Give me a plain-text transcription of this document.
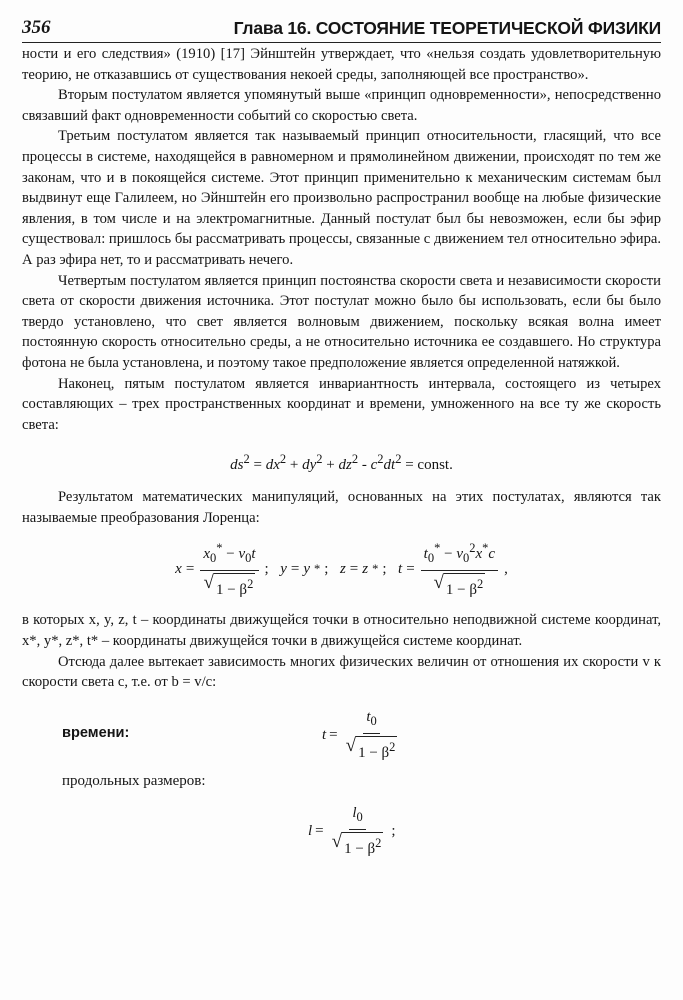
356	Глава 16. СОСТОЯНИЕ ТЕОРЕТИЧЕСКОЙ ФИЗИКИ

ности и его следствия» (1910) [17] Эйнштейн утверждает, что «нельзя создать удовлетворительную теорию, не отказавшись от существования некоей среды, заполняющей все пространство».

Вторым постулатом является упомянутый выше «принцип одновременности», непосредственно связавший факт одновременности событий со скоростью света.

Третьим постулатом является так называемый принцип относительности, гласящий, что все процессы в системе, находящейся в равномерном и прямолинейном движении, происходят по тем же законам, что и в покоящейся системе. Этот принцип применительно к механическим системам был выдвинут еще Галилеем, но Эйнштейн его произвольно распространил вообще на любые физические явления, в том числе и на электромагнитные. Данный постулат был бы невозможен, если бы эфир существовал: пришлось бы рассматривать процессы, связанные с движением тел относительно эфира. А раз эфира нет, то и рассматривать нечего.

Четвертым постулатом является принцип постоянства скорости света и независимости скорости света от скорости движения источника. Этот постулат можно было бы использовать, если бы было твердо установлено, что свет является волновым движением, поскольку всякая волна имеет постоянную скорость относительно среды, а не относительно источника ее создавшего. Но структура фотона не была установлена, и поэтому такое предположение является определенной натяжкой.

Наконец, пятым постулатом является инвариантность интервала, состоящего из четырех составляющих – трех пространственных координат и времени, умноженного на все ту же скорость света:

$ds^2 = dx^2 + dy^2 + dz^2 - c^2dt^2$ = const.

Результатом математических манипуляций, основанных на этих постулатах, являются так называемые преобразования Лоренца:

$x = \frac{x_0^* - v_0t}{√ 1 - \beta^2}$ ; y = y * ; z = z * ; $t = \frac{t_0^* - v_0^2x^*c}{√ 1 - \beta^2}$ ,

в которых x, y, z, t – координаты движущейся точки в относительно неподвижной системе координат, x*, y*, z*, t* – координаты движущейся точки в движущейся системе координат.

Отсюда далее вытекает зависимость многих физических величин от отношения их скорости v к скорости света c, т.е. от b = v/c:

времени:	$t = \frac{t_0}{√ 1 - \beta^2}$
продольных размеров:
$l = \frac{l_0}{√ 1 - \beta^2}$ ;
